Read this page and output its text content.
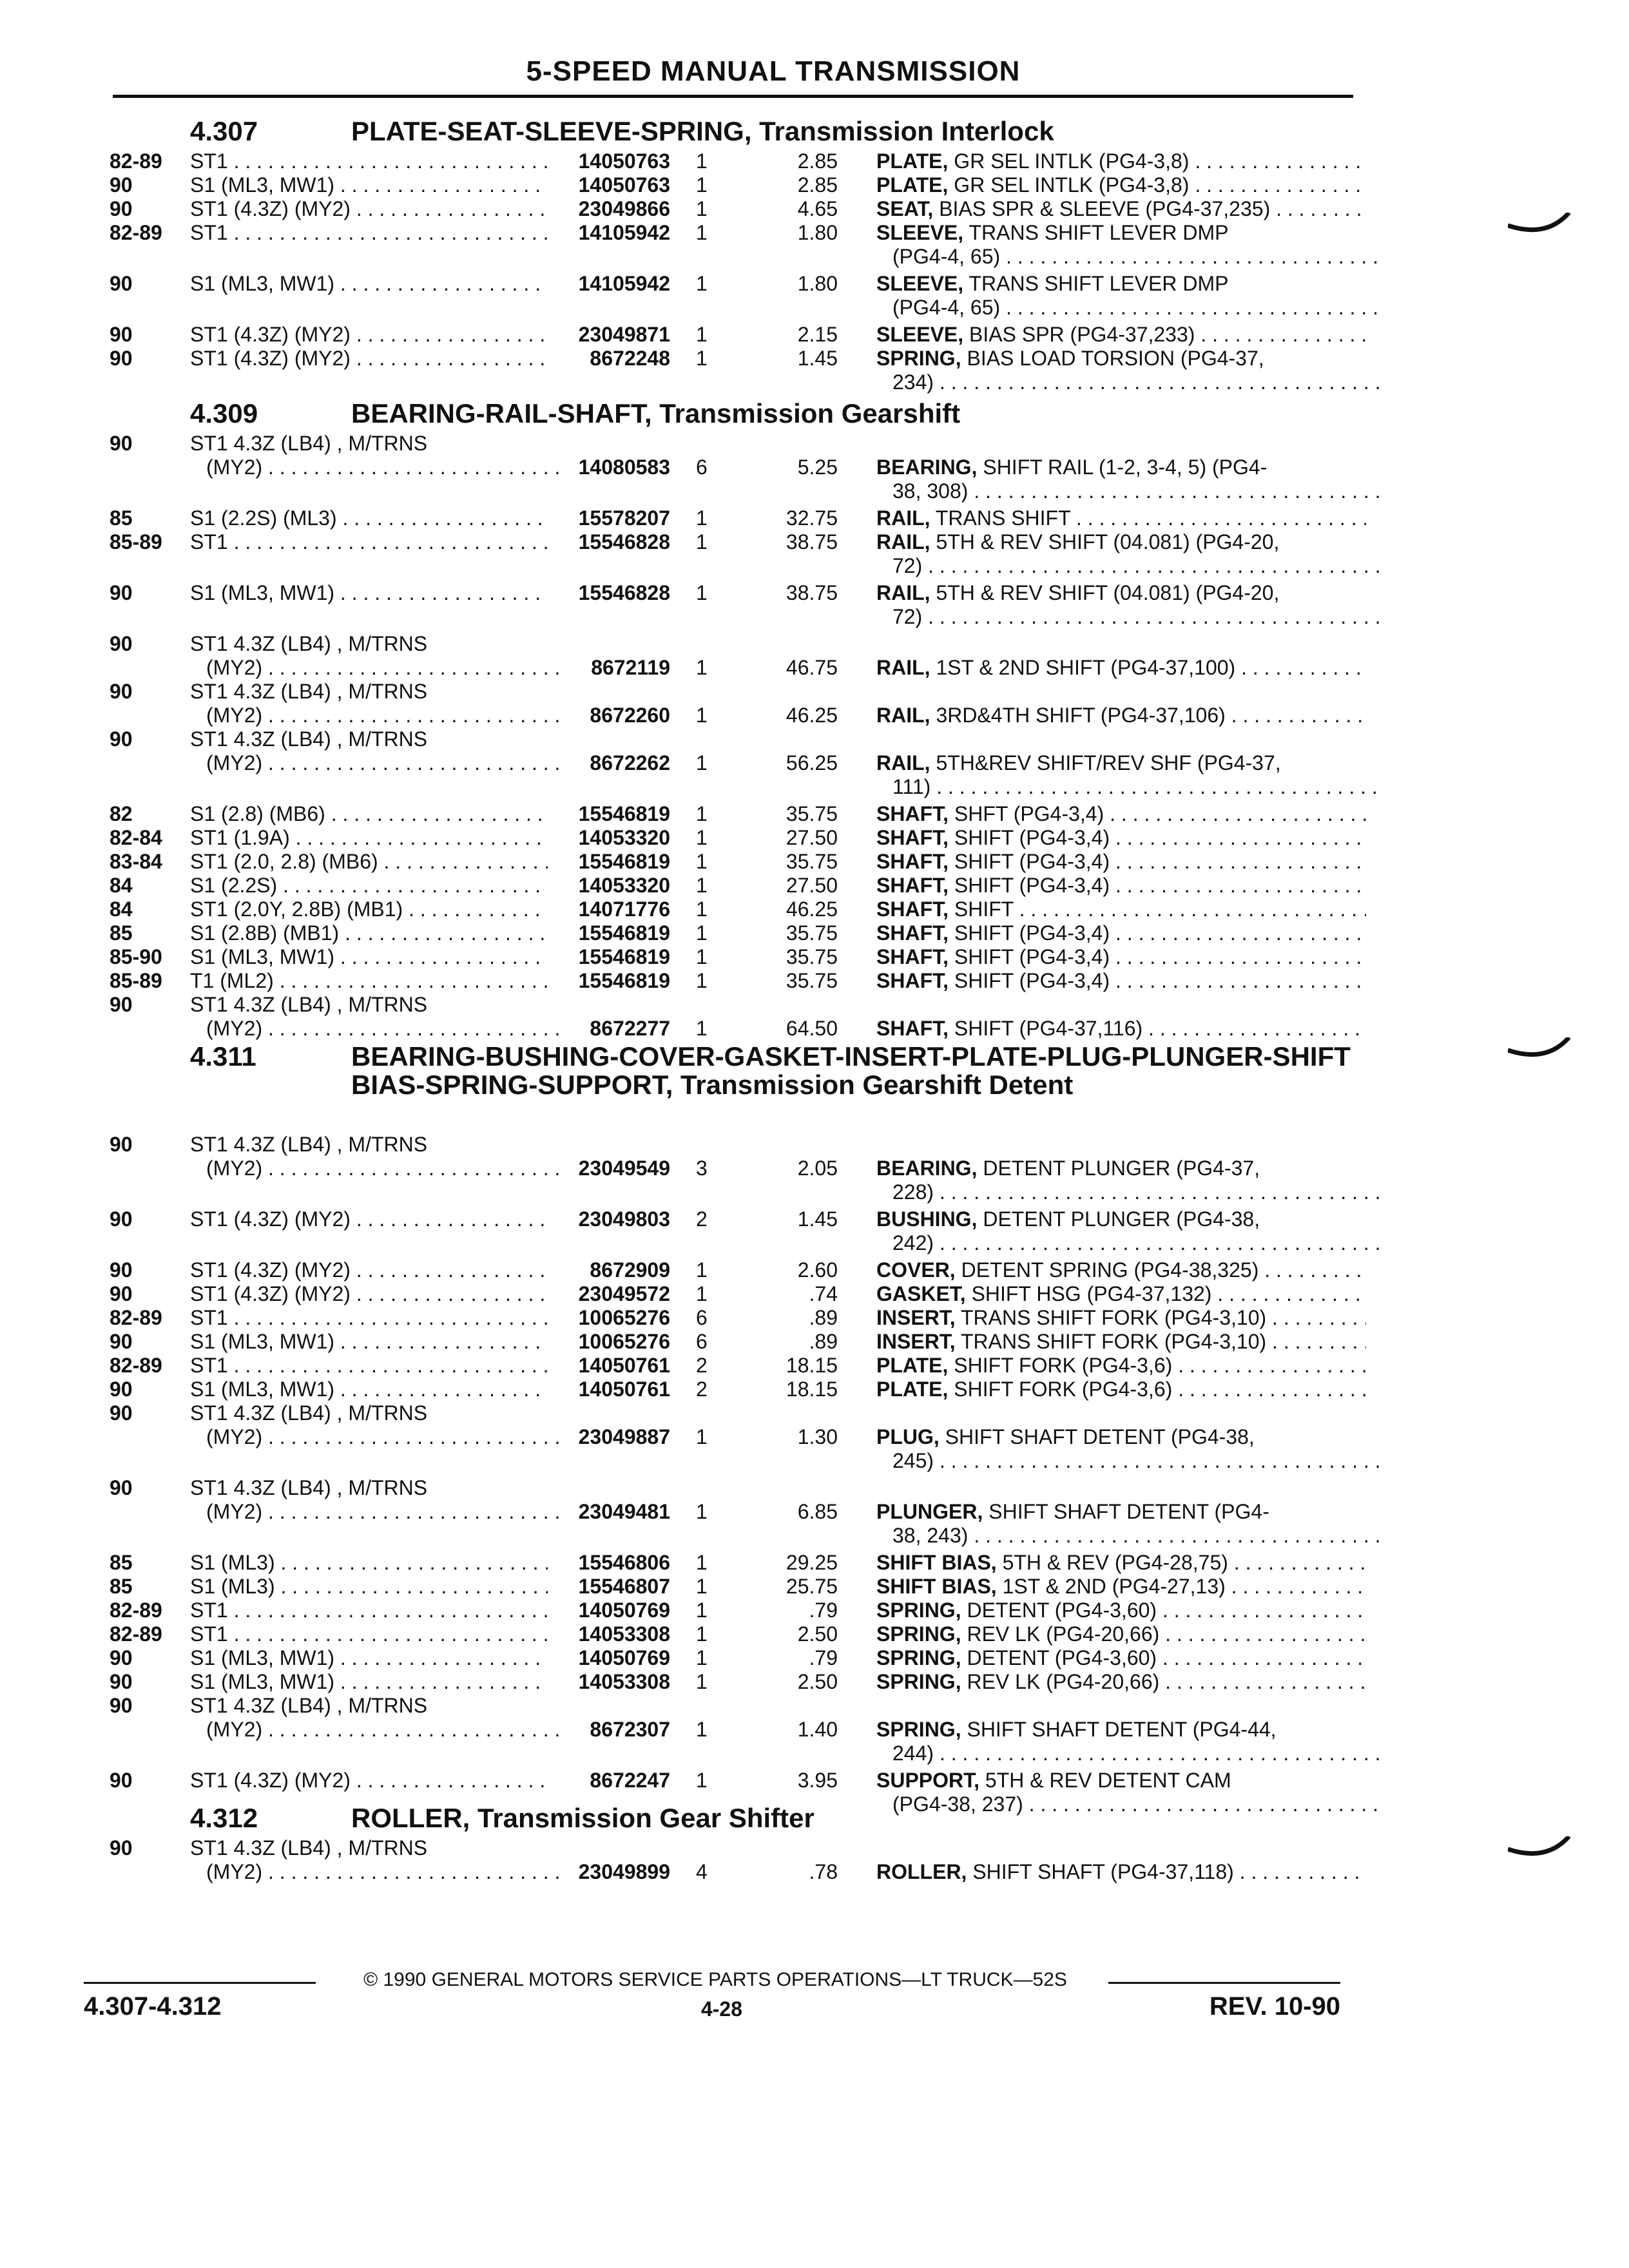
5-SPEED MANUAL TRANSMISSION
4.307	PLATE-SEAT-SLEEVE-SPRING, Transmission Interlock
82-89	ST1 . . .	14050763 1	2.85 PLATE, GR SEL INTLK (PG4-3,8) . . .
90	S1 (ML3, MW1) . . .	14050763 1	2.85 PLATE, GR SEL INTLK (PG4-3,8) . . .
90	ST1 (4.3Z) (MY2) . . .	23049866 1	4.65 SEAT, BIAS SPR & SLEEVE (PG4-37,235) . . .
82-89	ST1 . . .	14105942 1	1.80 SLEEVE, TRANS SHIFT LEVER DMP
(PG4-4, 65) . . .
90	S1 (ML3, MW1) . . .	14105942 1	1.80 SLEEVE, TRANS SHIFT LEVER DMP
(PG4-4, 65) . . .
90	ST1 (4.3Z) (MY2) . . .	23049871 1	2.15 SLEEVE, BIAS SPR (PG4-37,233) . . .
90	ST1 (4.3Z) (MY2) . . .	8672248 1	1.45 SPRING, BIAS LOAD TORSION (PG4-37,
234) . . .
4.309	BEARING-RAIL-SHAFT, Transmission Gearshift
90	ST1 4.3Z (LB4) , M/TRNS
(MY2) . . .	14080583 6	5.25 BEARING, SHIFT RAIL (1-2, 3-4, 5) (PG4-
38, 308) . . .
85	S1 (2.2S) (ML3) . . .	15578207 1	32.75 RAIL, TRANS SHIFT . . .
85-89	ST1 . . .	15546828 1	38.75 RAIL, 5TH & REV SHIFT (04.081) (PG4-20,
72) . . .
90	S1 (ML3, MW1) . . .	15546828 1	38.75 RAIL, 5TH & REV SHIFT (04.081) (PG4-20,
72) . . .
90	ST1 4.3Z (LB4) , M/TRNS
(MY2) . . .	8672119 1	46.75 RAIL, 1ST & 2ND SHIFT (PG4-37,100) . . .
90	ST1 4.3Z (LB4) , M/TRNS
(MY2) . . .	8672260 1	46.25 RAIL, 3RD&4TH SHIFT (PG4-37,106) . . .
90	ST1 4.3Z (LB4) , M/TRNS
(MY2) . . .	8672262 1	56.25 RAIL, 5TH&REV SHIFT/REV SHF (PG4-37,
111) . . .
82	S1 (2.8) (MB6) . . .	15546819 1	35.75 SHAFT, SHFT (PG4-3,4) . . .
82-84	ST1 (1.9A) . . .	14053320 1	27.50 SHAFT, SHIFT (PG4-3,4) . . .
83-84	ST1 (2.0, 2.8) (MB6) . . .	15546819 1	35.75 SHAFT, SHIFT (PG4-3,4) . . .
84	S1 (2.2S) . . .	14053320 1	27.50 SHAFT, SHIFT (PG4-3,4) . . .
84	ST1 (2.0Y, 2.8B) (MB1) . . .	14071776 1	46.25 SHAFT, SHIFT . . .
85	S1 (2.8B) (MB1) . . .	15546819 1	35.75 SHAFT, SHIFT (PG4-3,4) . . .
85-90	S1 (ML3, MW1) . . .	15546819 1	35.75 SHAFT, SHIFT (PG4-3,4) . . .
85-89	T1 (ML2) . . .	15546819 1	35.75 SHAFT, SHIFT (PG4-3,4) . . .
90	ST1 4.3Z (LB4) , M/TRNS
(MY2) . . .	8672277 1	64.50 SHAFT, SHIFT (PG4-37,116) . . .
4.311	BEARING-BUSHING-COVER-GASKET-INSERT-PLATE-PLUG-PLUNGER-SHIFT BIAS-SPRING-SUPPORT, Transmission Gearshift Detent
90	ST1 4.3Z (LB4) , M/TRNS
(MY2) . . .	23049549 3	2.05 BEARING, DETENT PLUNGER (PG4-37,
228) . . .
90	ST1 (4.3Z) (MY2) . . .	23049803 2	1.45 BUSHING, DETENT PLUNGER (PG4-38,
242) . . .
90	ST1 (4.3Z) (MY2) . . .	8672909 1	2.60 COVER, DETENT SPRING (PG4-38,325) . . .
90	ST1 (4.3Z) (MY2) . . .	23049572 1	.74 GASKET, SHIFT HSG (PG4-37,132) . . .
82-89	ST1 . . .	10065276 6	.89 INSERT, TRANS SHIFT FORK (PG4-3,10) . . .
90	S1 (ML3, MW1) . . .	10065276 6	.89 INSERT, TRANS SHIFT FORK (PG4-3,10) . . .
82-89	ST1 . . .	14050761 2	18.15 PLATE, SHIFT FORK (PG4-3,6) . . .
90	S1 (ML3, MW1) . . .	14050761 2	18.15 PLATE, SHIFT FORK (PG4-3,6) . . .
90	ST1 4.3Z (LB4) , M/TRNS
(MY2) . . .	23049887 1	1.30 PLUG, SHIFT SHAFT DETENT (PG4-38,
245) . . .
90	ST1 4.3Z (LB4) , M/TRNS
(MY2) . . .	23049481 1	6.85 PLUNGER, SHIFT SHAFT DETENT (PG4-
38, 243) . . .
85	S1 (ML3) . . .	15546806 1	29.25 SHIFT BIAS, 5TH & REV (PG4-28,75) . . .
85	S1 (ML3) . . .	15546807 1	25.75 SHIFT BIAS, 1ST & 2ND (PG4-27,13) . . .
82-89	ST1 . . .	14050769 1	.79 SPRING, DETENT (PG4-3,60) . . .
82-89	ST1 . . .	14053308 1	2.50 SPRING, REV LK (PG4-20,66) . . .
90	S1 (ML3, MW1) . . .	14050769 1	.79 SPRING, DETENT (PG4-3,60) . . .
90	S1 (ML3, MW1) . . .	14053308 1	2.50 SPRING, REV LK (PG4-20,66) . . .
90	ST1 4.3Z (LB4) , M/TRNS
(MY2) . . .	8672307 1	1.40 SPRING, SHIFT SHAFT DETENT (PG4-44,
244) . . .
90	ST1 (4.3Z) (MY2) . . .	8672247 1	3.95 SUPPORT, 5TH & REV DETENT CAM
(PG4-38, 237) . . .
4.312	ROLLER, Transmission Gear Shifter
90	ST1 4.3Z (LB4) , M/TRNS
(MY2) . . .	23049899 4	.78 ROLLER, SHIFT SHAFT (PG4-37,118) . . .
© 1990 GENERAL MOTORS SERVICE PARTS OPERATIONS—LT TRUCK—52S
4.307-4.312	4-28	REV. 10-90
